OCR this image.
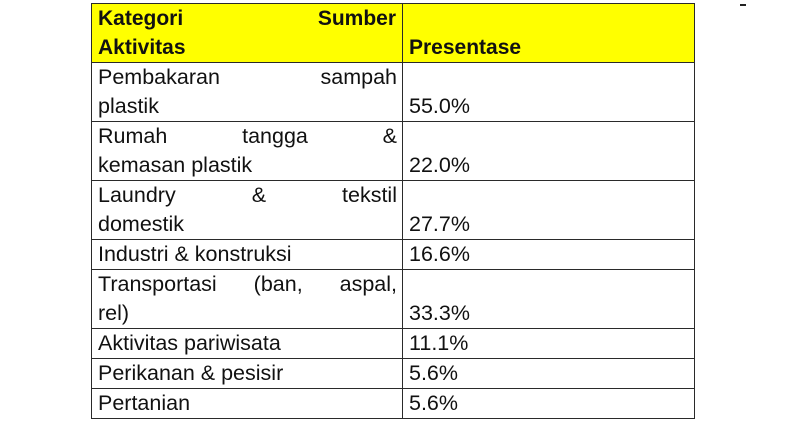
Kategori Sumber
Aktivitas	Presentase

Pembakaran sampah
plastik	55.0%

Rumah tangga &
kemasan plastik	22.0%

Laundry & tekstil
domestik	27.7%
Industri & konstruksi	16.6%

Transportasi (ban, aspal,
rel)	33.3%
Aktivitas pariwisata	11.1%
Perikanan & pesisir	5.6%
Pertanian	5.6%
